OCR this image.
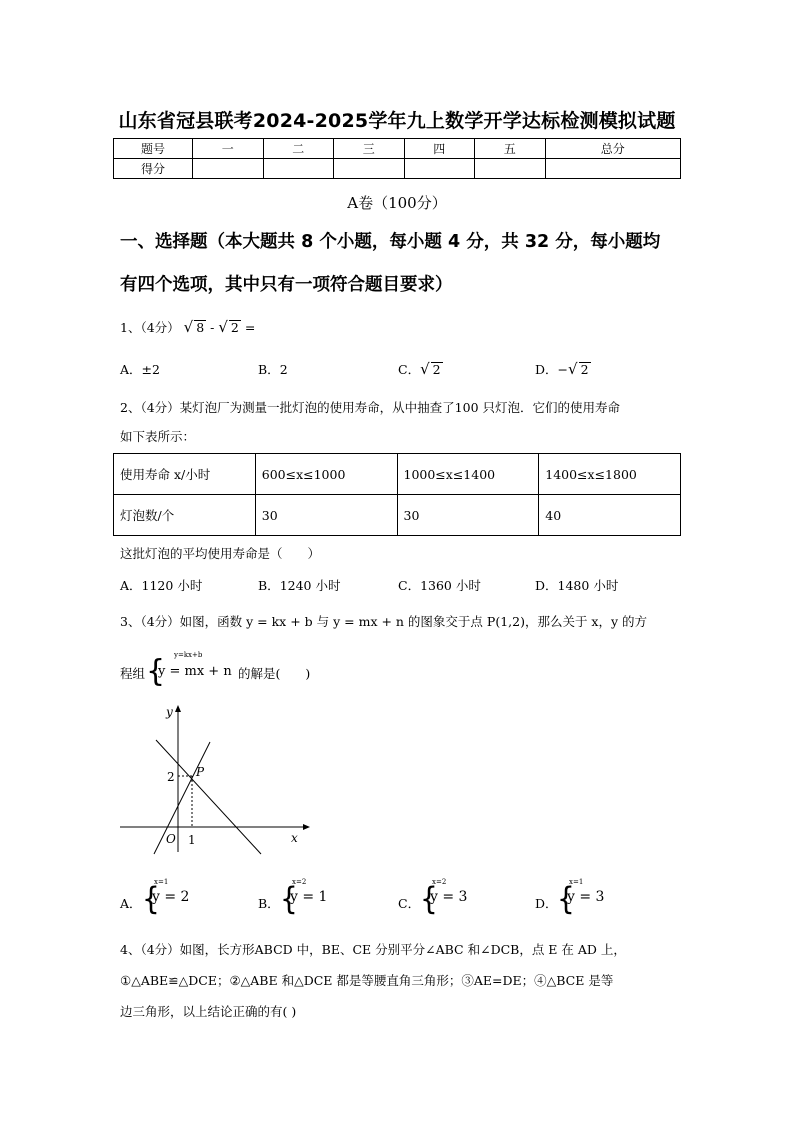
山东省冠县联考2024-2025学年九上数学开学达标检测模拟试题
题号	一	二	三	四	五	总分
得分						
A卷（100分）
一、选择题（本大题共 8 个小题，每小题 4 分，共 32 分，每小题均
有四个选项，其中只有一项符合题目要求）
1、（4分） √ 8 - √ 2 =
A．±2	B．2	C．√ 2	D．−√ 2
2、（4分）某灯泡厂为测量一批灯泡的使用寿命，从中抽查了100 只灯泡．它们的使用寿命
如下表所示：
使用寿命 x/小时	600≤x≤1000	1000≤x≤1400	1400≤x≤1800
灯泡数/个	30	30	40
这批灯泡的平均使用寿命是（　　）
A．1120 小时	B．1240 小时	C．1360 小时	D．1480 小时
3、（4分）如图，函数 y = kx + b 与 y = mx + n 的图象交于点 P(1,2)，那么关于 x，y 的方
程组 { y=kx+b
y = mx + n 的解是(　　)
y
x
O 1
2 P
A． {
x=1
y = 2	B． {
x=2
y = 1	C． {
x=2
y = 3	D． {
x=1
y = 3
4、（4分）如图，长方形ABCD 中，BE、CE 分别平分∠ABC 和∠DCB，点 E 在 AD 上，
①△ABE≌△DCE；②△ABE 和△DCE 都是等腰直角三角形；③AE=DE；④△BCE 是等
边三角形，以上结论正确的有( )
